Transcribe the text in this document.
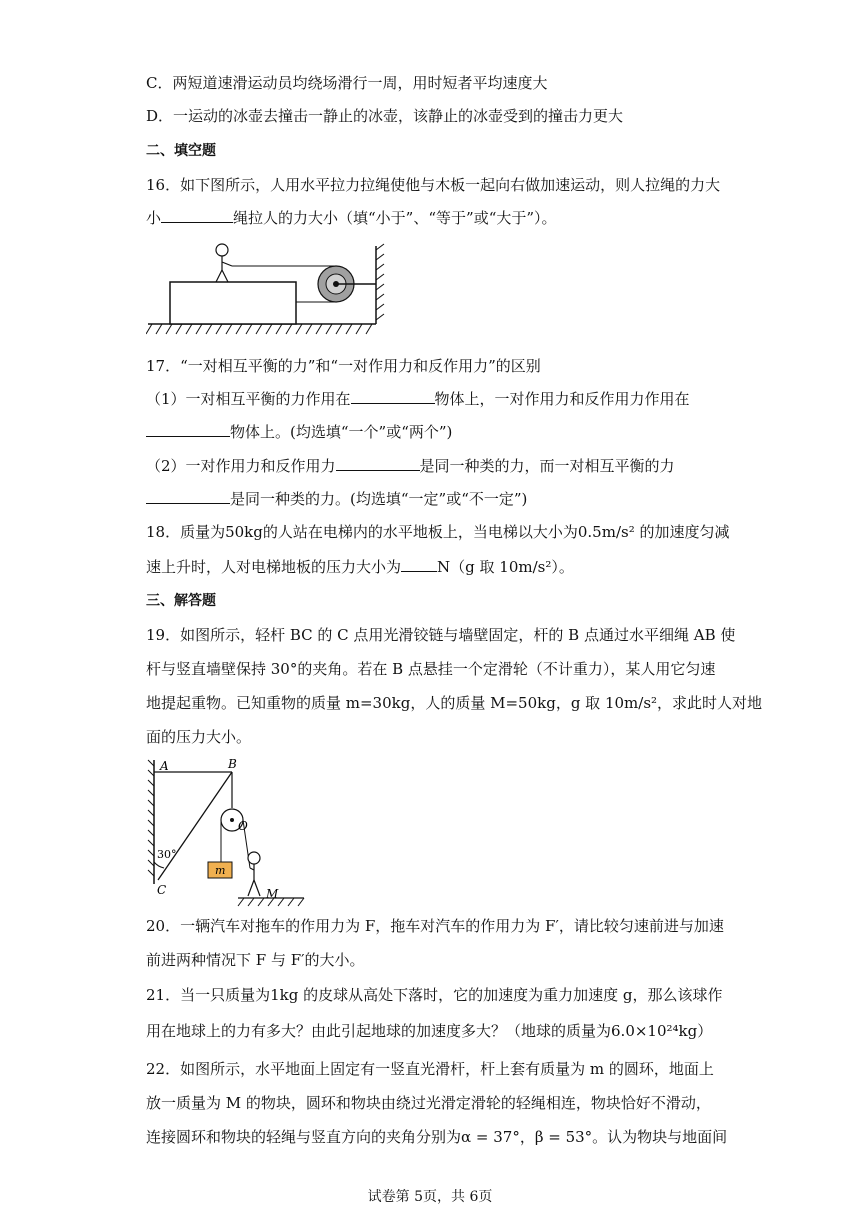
C．两短道速滑运动员均绕场滑行一周，用时短者平均速度大
D．一运动的冰壶去撞击一静止的冰壶，该静止的冰壶受到的撞击力更大
二、填空题
16．如下图所示，人用水平拉力拉绳使他与木板一起向右做加速运动，则人拉绳的力大
小	绳拉人的力大小（填“小于”、“等于”或“大于”）。
17．“一对相互平衡的力”和“一对作用力和反作用力”的区别
（1）一对相互平衡的力作用在	物体上，一对作用力和反作用力作用在
物体上。(均选填“一个”或“两个”)
（2）一对作用力和反作用力	是同一种类的力，而一对相互平衡的力
是同一种类的力。(均选填“一定”或“不一定”)
18．质量为50kg的人站在电梯内的水平地板上，当电梯以大小为0.5m/s² 的加速度匀减
速上升时，人对电梯地板的压力大小为 N（g 取 10m/s²）。
三、解答题
19．如图所示，轻杆 BC 的 C 点用光滑铰链与墙壁固定，杆的 B 点通过水平细绳 AB 使
杆与竖直墙壁保持 30°的夹角。若在 B 点悬挂一个定滑轮（不计重力），某人用它匀速
地提起重物。已知重物的质量 m=30kg，人的质量 M=50kg，g 取 10m/s²，求此时人对地
面的压力大小。
A	B
O
m
30°
C	M
20．一辆汽车对拖车的作用力为 F，拖车对汽车的作用力为 F′，请比较匀速前进与加速
前进两种情况下 F 与 F′的大小。
21．当一只质量为1kg 的皮球从高处下落时，它的加速度为重力加速度 g，那么该球作
用在地球上的力有多大？由此引起地球的加速度多大？（地球的质量为6.0×10²⁴kg）
22．如图所示，水平地面上固定有一竖直光滑杆，杆上套有质量为 m 的圆环，地面上
放一质量为 M 的物块，圆环和物块由绕过光滑定滑轮的轻绳相连，物块恰好不滑动，
连接圆环和物块的轻绳与竖直方向的夹角分别为α = 37°，β = 53°。认为物块与地面间
试卷第 5页，共 6页
